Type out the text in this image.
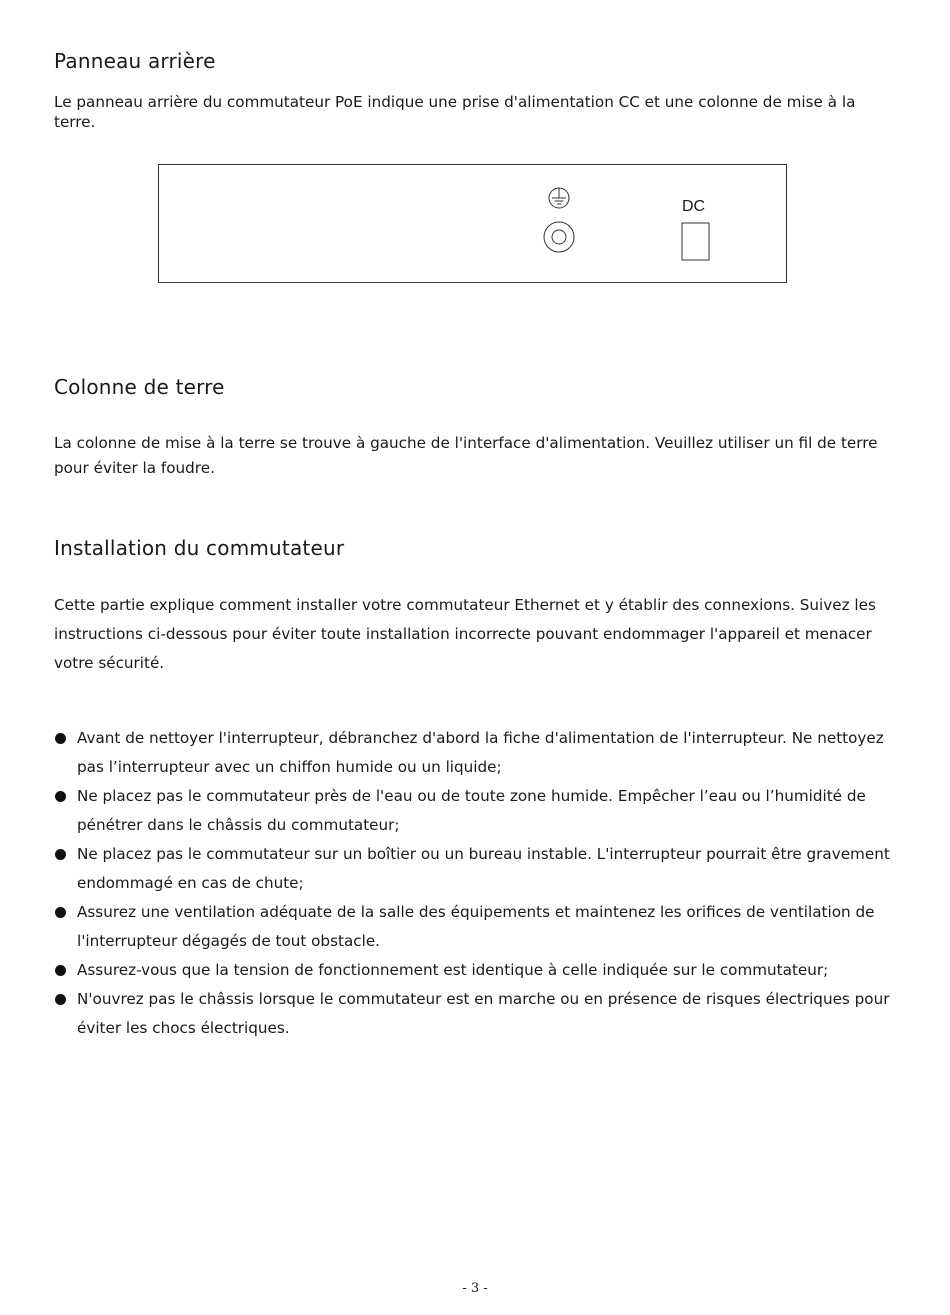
Panneau arrière

Le panneau arrière du commutateur PoE indique une prise d'alimentation CC et une colonne de mise à la terre.

DC
Colonne de terre

La colonne de mise à la terre se trouve à gauche de l'interface d'alimentation. Veuillez utiliser un fil de terre pour éviter la foudre.

Installation du commutateur

Cette partie explique comment installer votre commutateur Ethernet et y établir des connexions. Suivez les instructions ci-dessous pour éviter toute installation incorrecte pouvant endommager l'appareil et menacer votre sécurité.

Avant de nettoyer l'interrupteur, débranchez d'abord la fiche d'alimentation de l'interrupteur. Ne nettoyez pas l’interrupteur avec un chiffon humide ou un liquide;
Ne placez pas le commutateur près de l'eau ou de toute zone humide. Empêcher l’eau ou l’humidité de pénétrer dans le châssis du commutateur;
Ne placez pas le commutateur sur un boîtier ou un bureau instable. L'interrupteur pourrait être gravement endommagé en cas de chute;
Assurez une ventilation adéquate de la salle des équipements et maintenez les orifices de ventilation de l'interrupteur dégagés de tout obstacle.
Assurez-vous que la tension de fonctionnement est identique à celle indiquée sur le commutateur;
N'ouvrez pas le châssis lorsque le commutateur est en marche ou en présence de risques électriques pour éviter les chocs électriques.
- 3 -
